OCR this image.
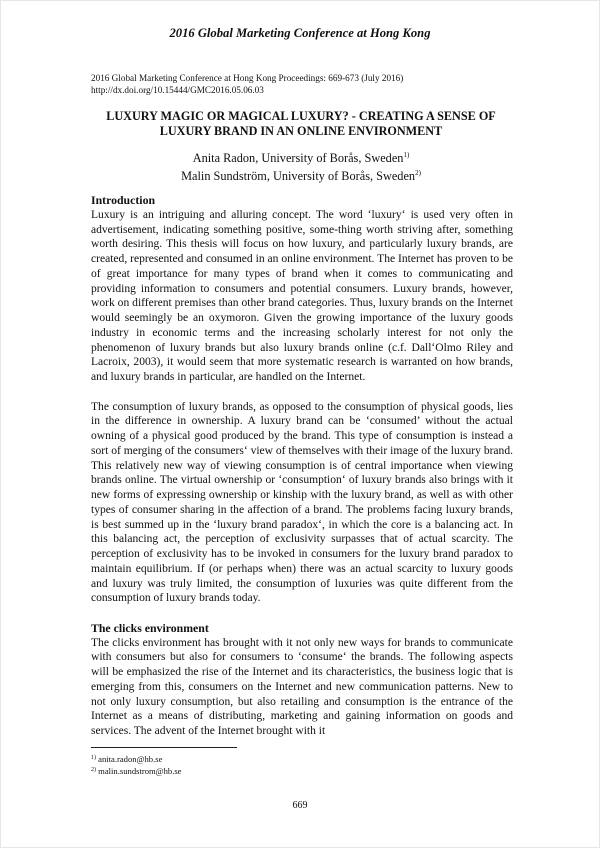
2016 Global Marketing Conference at Hong Kong
2016 Global Marketing Conference at Hong Kong Proceedings: 669-673 (July 2016)
http://dx.doi.org/10.15444/GMC2016.05.06.03
LUXURY MAGIC OR MAGICAL LUXURY? - CREATING A SENSE OF
LUXURY BRAND IN AN ONLINE ENVIRONMENT
Anita Radon, University of Borås, Sweden$^{1)}$
Malin Sundström, University of Borås, Sweden$^{2)}$
Introduction

Luxury is an intriguing and alluring concept. The word ‘luxury‘ is used very often in advertisement, indicating something positive, some-thing worth striving after, something worth desiring. This thesis will focus on how luxury, and particularly luxury brands, are created, represented and consumed in an online environment. The Internet has proven to be of great importance for many types of brand when it comes to communicating and providing information to consumers and potential consumers. Luxury brands, however, work on different premises than other brand categories. Thus, luxury brands on the Internet would seemingly be an oxymoron. Given the growing importance of the luxury goods industry in economic terms and the increasing scholarly interest for not only the phenomenon of luxury brands but also luxury brands online (c.f. Dall‘Olmo Riley and Lacroix, 2003), it would seem that more systematic research is warranted on how brands, and luxury brands in particular, are handled on the Internet.

The consumption of luxury brands, as opposed to the consumption of physical goods, lies in the difference in ownership. A luxury brand can be ‘consumed’ without the actual owning of a physical good produced by the brand. This type of consumption is instead a sort of merging of the consumers‘ view of themselves with their image of the luxury brand. This relatively new way of viewing consumption is of central importance when viewing brands online. The virtual ownership or ‘consumption‘ of luxury brands also brings with it new forms of expressing ownership or kinship with the luxury brand, as well as with other types of consumer sharing in the affection of a brand. The problems facing luxury brands, is best summed up in the ‘luxury brand paradox‘, in which the core is a balancing act. In this balancing act, the perception of exclusivity surpasses that of actual scarcity. The perception of exclusivity has to be invoked in consumers for the luxury brand paradox to maintain equilibrium. If (or perhaps when) there was an actual scarcity to luxury goods and luxury was truly limited, the consumption of luxuries was quite different from the consumption of luxury brands today.

The clicks environment

The clicks environment has brought with it not only new ways for brands to communicate with consumers but also for consumers to ‘consume‘ the brands. The following aspects will be emphasized the rise of the Internet and its characteristics, the business logic that is emerging from this, consumers on the Internet and new communication patterns. New to not only luxury consumption, but also retailing and consumption is the entrance of the Internet as a means of distributing, marketing and gaining information on goods and services. The advent of the Internet brought with it

$^{1)}$ anita.radon@hb.se
$^{2)}$ malin.sundstrom@hb.se
669
